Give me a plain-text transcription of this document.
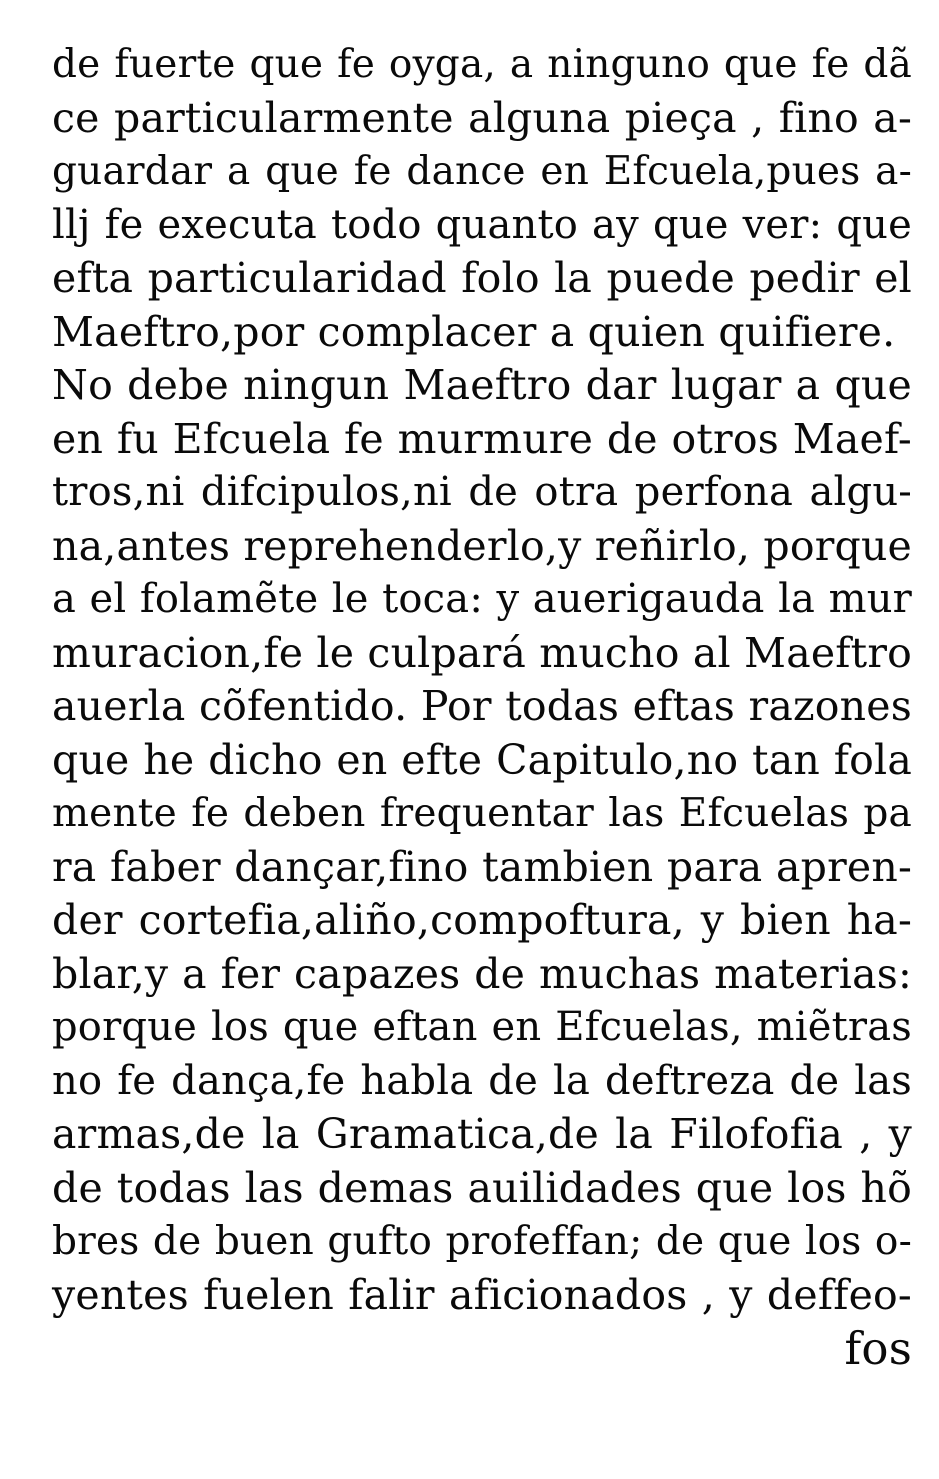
de fuerte que fe oyga, a ninguno que fe dã
ce particularmente alguna pieça , fino a-
guardar a que fe dance en Efcuela,pues a-
llj fe executa todo quanto ay que ver: que
efta particularidad folo la puede pedir el
Maeftro,por complacer a quien quifiere.
No debe ningun Maeftro dar lugar a que
en fu Efcuela fe murmure de otros Maef-
tros,ni difcipulos,ni de otra perfona algu-
na,antes reprehenderlo,y reñirlo, porque
a el folamẽte le toca: y auerigauda la mur
muracion,fe le culpará mucho al Maeftro
auerla cõfentido. Por todas eftas razones
que he dicho en efte Capitulo,no tan fola
mente fe deben frequentar las Efcuelas pa
ra faber dançar,fino tambien para apren-
der cortefia,aliño,compoftura, y bien ha-
blar,y a fer capazes de muchas materias:
porque los que eftan en Efcuelas, miẽtras
no fe dança,fe habla de la deftreza de las
armas,de la Gramatica,de la Filofofia , y
de todas las demas auilidades que los hõ
bres de buen gufto profeffan; de que los o-
yentes fuelen falir aficionados , y deffeo-
fos
